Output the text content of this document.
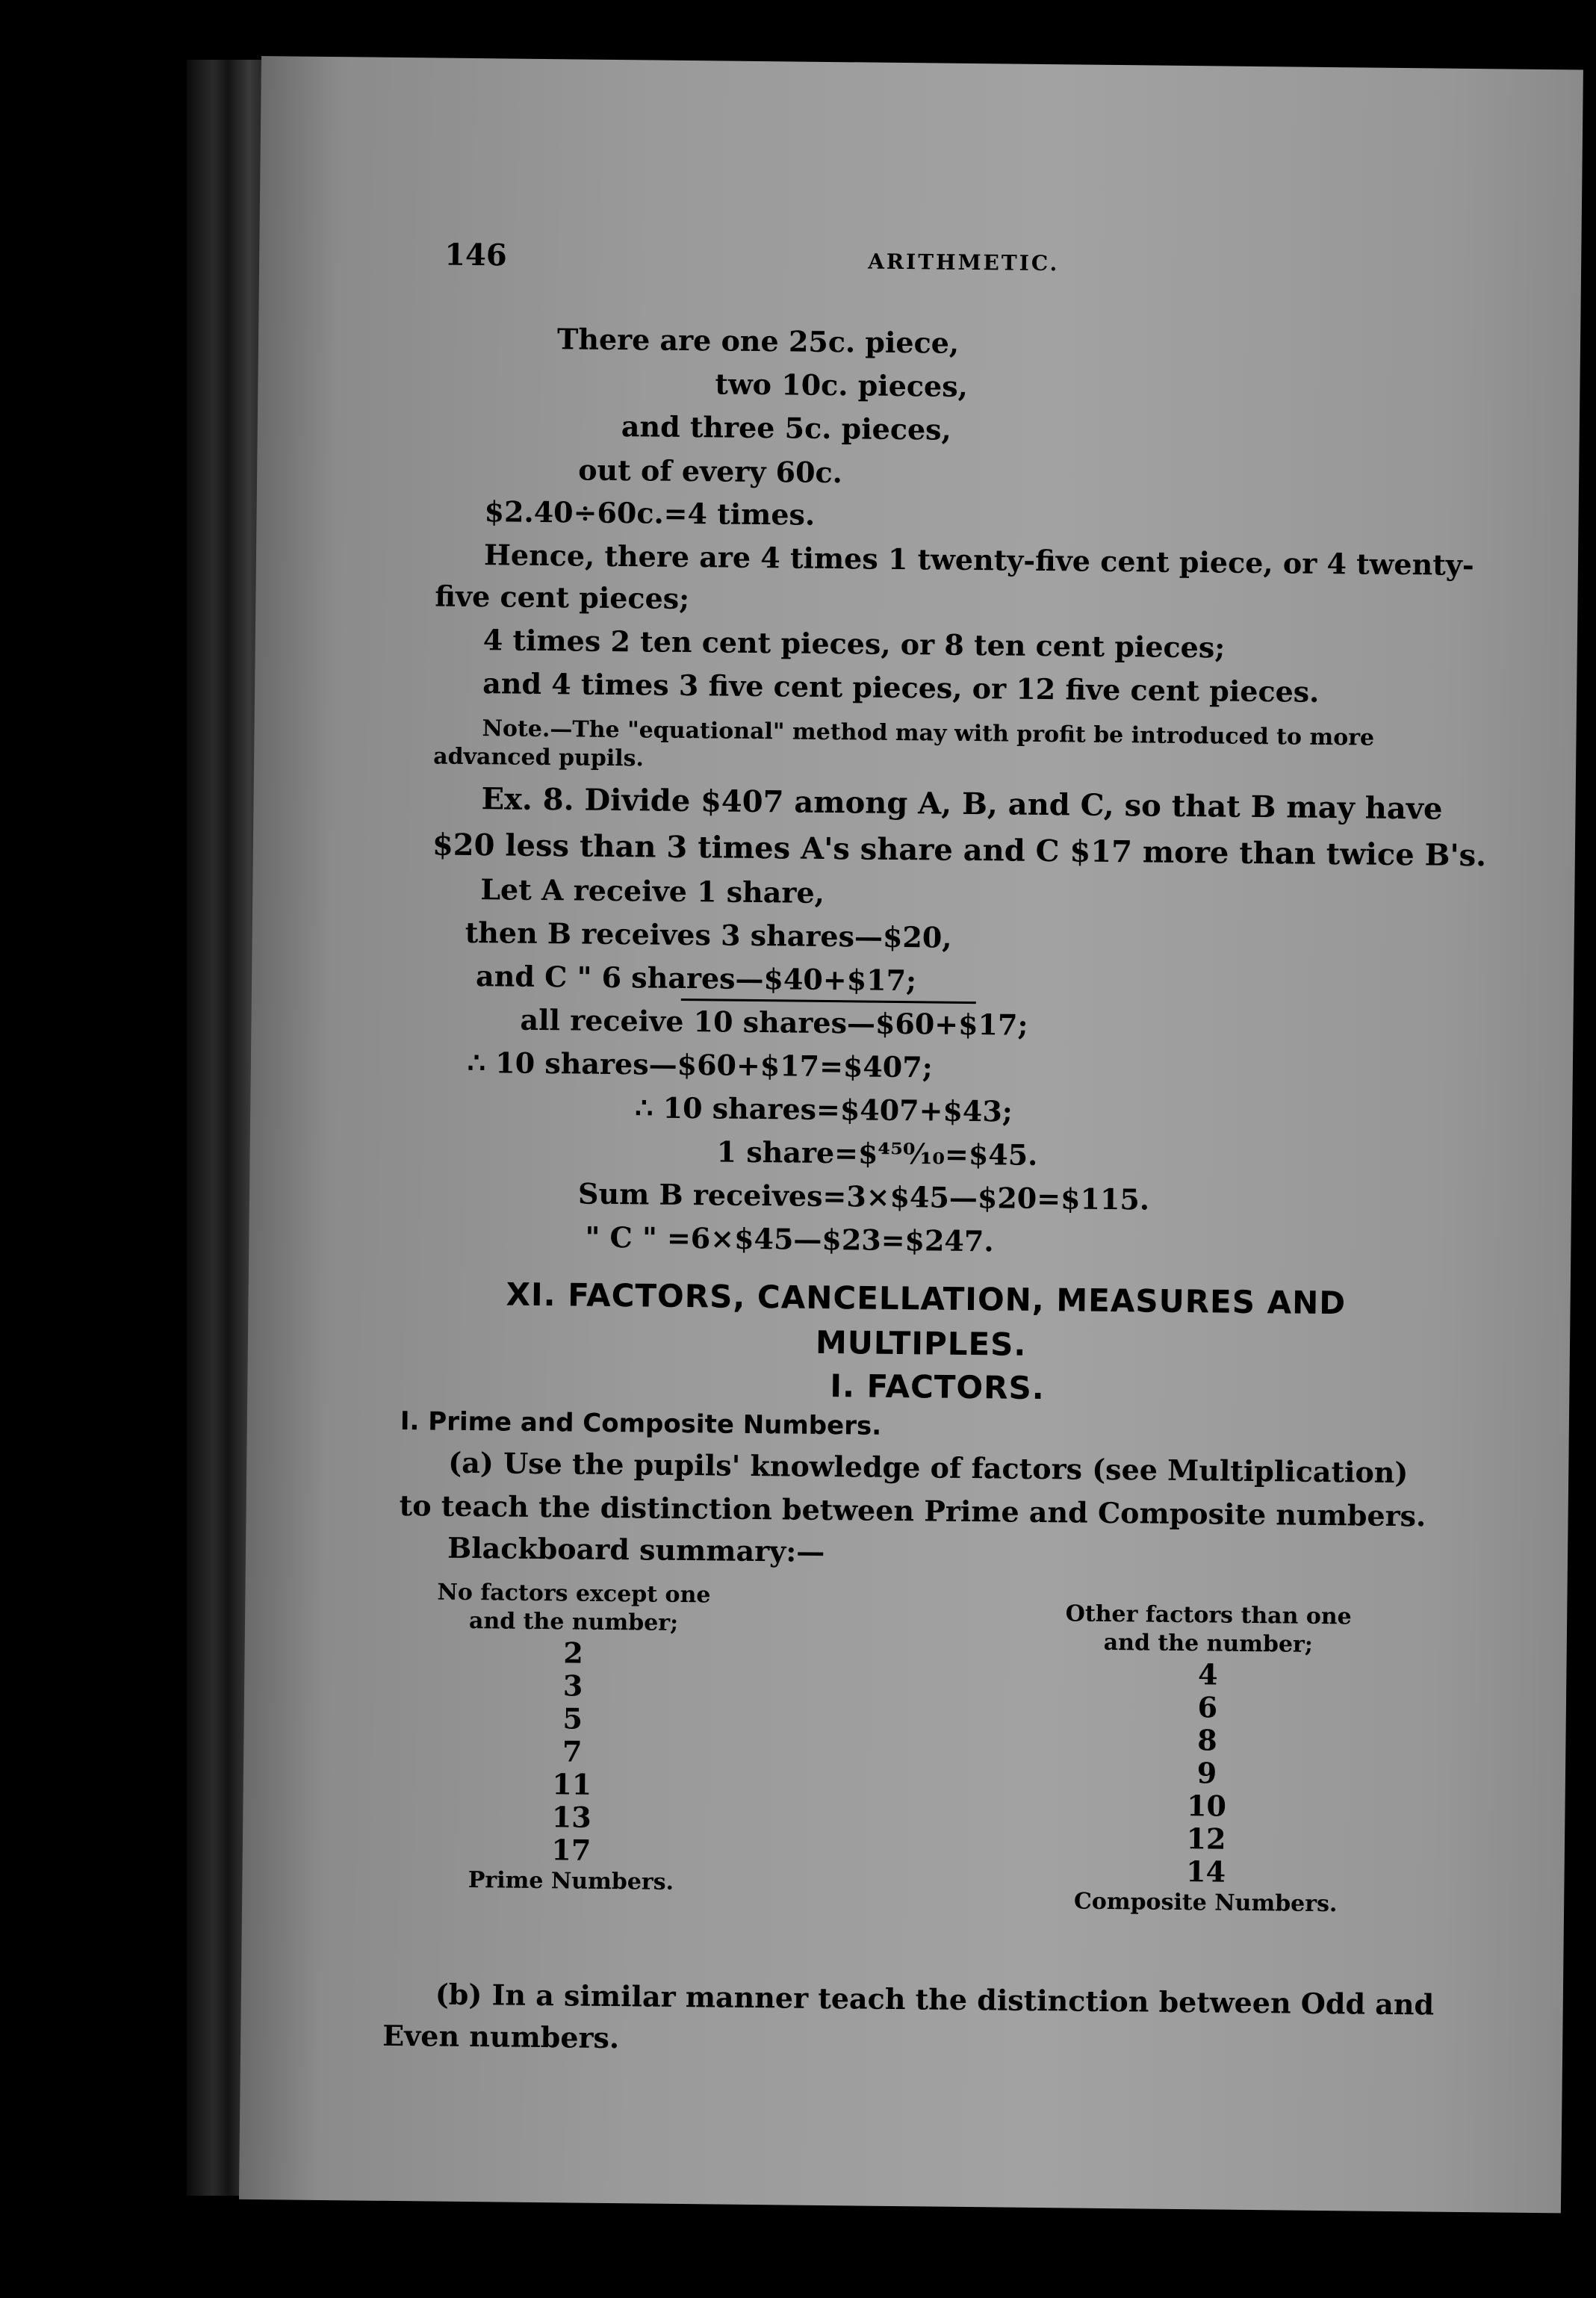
146	ARITHMETIC.
There are one 25c. piece,
two 10c. pieces,
and three 5c. pieces,
out of every 60c.
$2.40÷60c.=4 times.
Hence, there are 4 times 1 twenty-five cent piece, or 4 twenty-
five cent pieces;
4 times 2 ten cent pieces, or 8 ten cent pieces;
and 4 times 3 five cent pieces, or 12 five cent pieces.
Note.—The "equational" method may with profit be introduced to more
advanced pupils.
Ex. 8. Divide $407 among A, B, and C, so that B may have
$20 less than 3 times A's share and C $17 more than twice B's.
Let A receive 1 share,
then B receives 3 shares—$20,
and C " 6 shares—$40+$17;
all receive 10 shares—$60+$17;
∴ 10 shares—$60+$17=$407;
∴ 10 shares=$407+$43;
1 share=$⁴⁵⁰⁄₁₀=$45.
Sum B receives=3×$45—$20=$115.
" C " =6×$45—$23=$247.
XI. FACTORS, CANCELLATION, MEASURES AND
MULTIPLES.
I. FACTORS.
I. Prime and Composite Numbers.
(a) Use the pupils' knowledge of factors (see Multiplication)
to teach the distinction between Prime and Composite numbers.
Blackboard summary:—
No factors except one
and the number;
2
3
5
7
11
13
17
Prime Numbers.
Other factors than one
and the number;
4
6
8
9
10
12
14
Composite Numbers.
(b) In a similar manner teach the distinction between Odd and
Even numbers.
